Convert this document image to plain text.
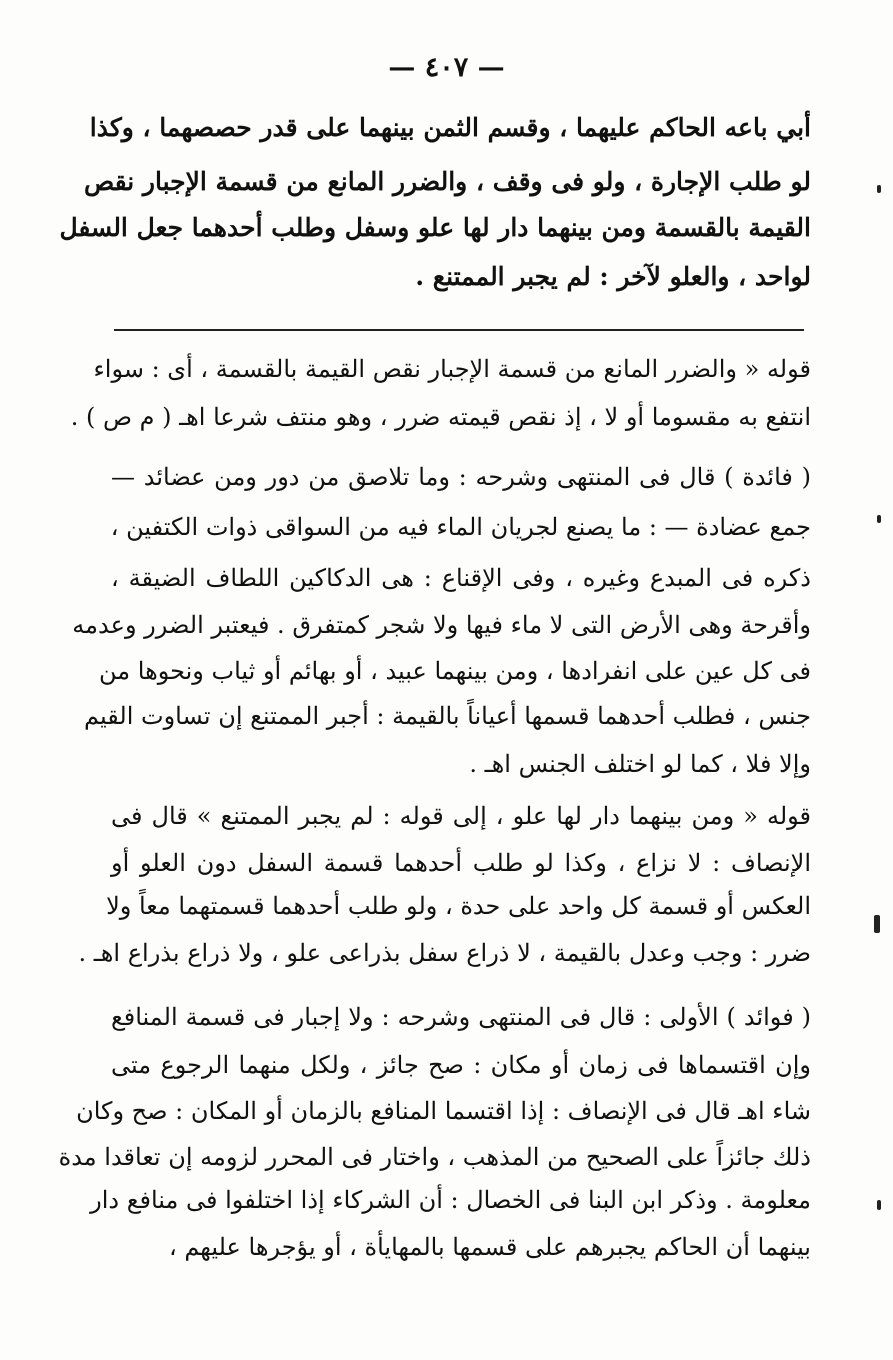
— ٤٠٧ —
أبي باعه الحاكم عليهما ، وقسم الثمن بينهما على قدر حصصهما ، وكذا
لو طلب الإجارة ، ولو فى وقف ، والضرر المانع من قسمة الإجبار نقص
القيمة بالقسمة ومن بينهما دار لها علو وسفل وطلب أحدهما جعل السفل
لواحد ، والعلو لآخر : لم يجبر الممتنع .
قوله « والضرر المانع من قسمة الإجبار نقص القيمة بالقسمة ، أى : سواء
انتفع به مقسوما أو لا ، إذ نقص قيمته ضرر ، وهو منتف شرعا اهـ ( م ص ) .
( فائدة ) قال فى المنتهى وشرحه : وما تلاصق من دور ومن عضائد —
جمع عضادة — : ما يصنع لجريان الماء فيه من السواقى ذوات الكتفين ،
ذكره فى المبدع وغيره ، وفى الإقناع : هى الدكاكين اللطاف الضيقة ،
وأقرحة وهى الأرض التى لا ماء فيها ولا شجر كمتفرق . فيعتبر الضرر وعدمه
فى كل عين على انفرادها ، ومن بينهما عبيد ، أو بهائم أو ثياب ونحوها من
جنس ، فطلب أحدهما قسمها أعياناً بالقيمة : أجبر الممتنع إن تساوت القيم
وإلا فلا ، كما لو اختلف الجنس اهـ .
قوله « ومن بينهما دار لها علو ، إلى قوله : لم يجبر الممتنع » قال فى
الإنصاف : لا نزاع ، وكذا لو طلب أحدهما قسمة السفل دون العلو أو
العكس أو قسمة كل واحد على حدة ، ولو طلب أحدهما قسمتهما معاً ولا
ضرر : وجب وعدل بالقيمة ، لا ذراع سفل بذراعى علو ، ولا ذراع بذراع اهـ .
( فوائد ) الأولى : قال فى المنتهى وشرحه : ولا إجبار فى قسمة المنافع
وإن اقتسماها فى زمان أو مكان : صح جائز ، ولكل منهما الرجوع متى
شاء اهـ قال فى الإنصاف : إذا اقتسما المنافع بالزمان أو المكان : صح وكان
ذلك جائزاً على الصحيح من المذهب ، واختار فى المحرر لزومه إن تعاقدا مدة
معلومة . وذكر ابن البنا فى الخصال : أن الشركاء إذا اختلفوا فى منافع دار
بينهما أن الحاكم يجبرهم على قسمها بالمهايأة ، أو يؤجرها عليهم ،
